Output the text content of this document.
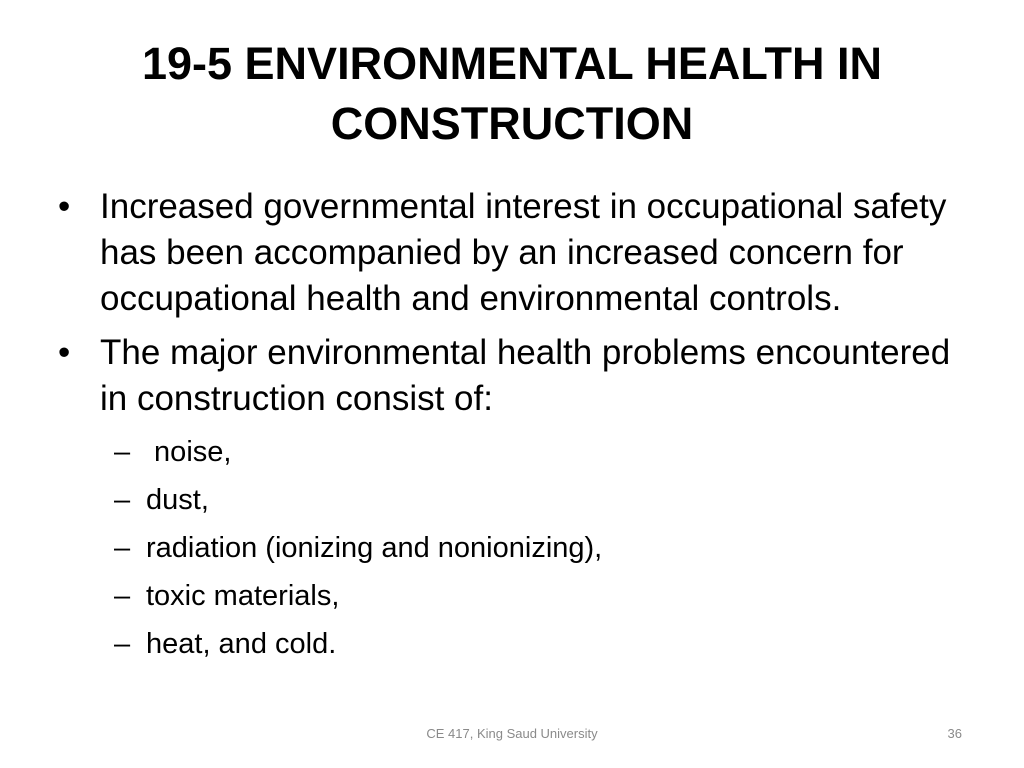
19-5 ENVIRONMENTAL HEALTH IN
CONSTRUCTION
• Increased governmental interest in occupational safety has been accompanied by an increased concern for occupational health and environmental controls.
• The major environmental health problems encountered in construction consist of:
– noise,
– dust,
– radiation (ionizing and nonionizing),
– toxic materials,
– heat, and cold.
CE 417, King Saud University	36
